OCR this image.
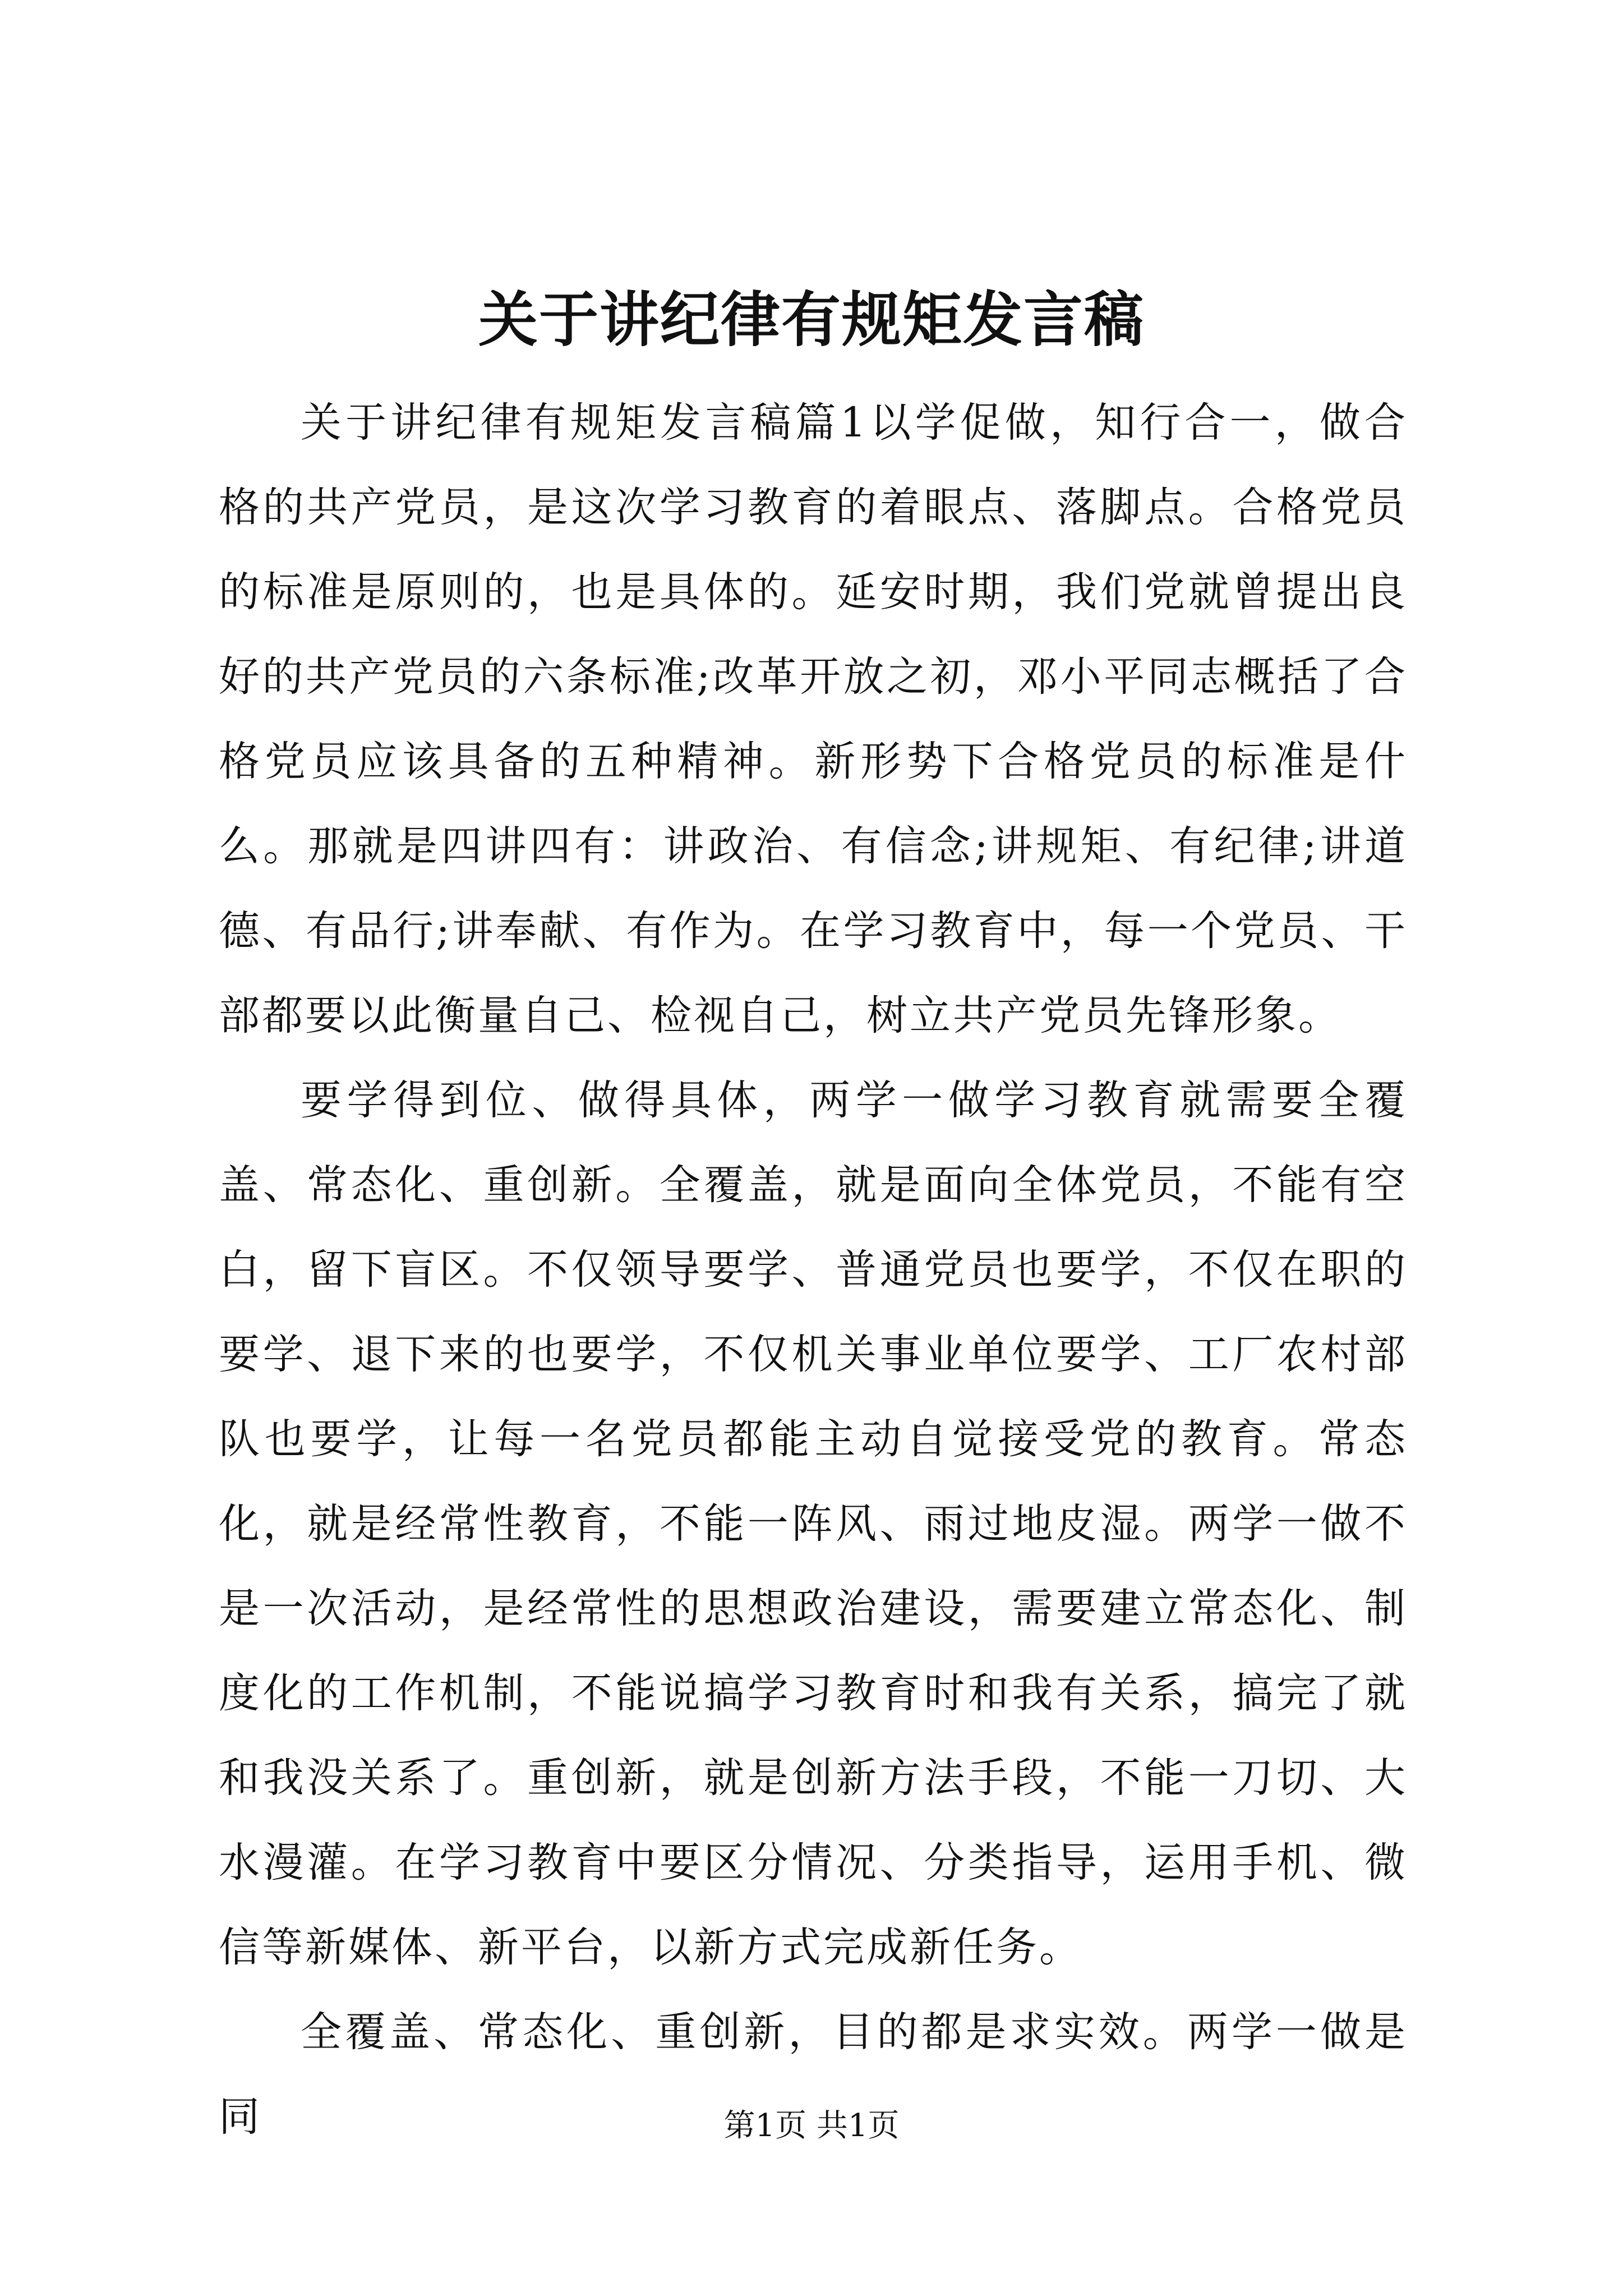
关于讲纪律有规矩发言稿

关于讲纪律有规矩发言稿篇1以学促做，知行合一，做合格的共产党员，是这次学习教育的着眼点、落脚点。合格党员的标准是原则的，也是具体的。延安时期，我们党就曾提出良好的共产党员的六条标准;改革开放之初，邓小平同志概括了合格党员应该具备的五种精神。新形势下合格党员的标准是什么。那就是四讲四有：讲政治、有信念;讲规矩、有纪律;讲道德、有品行;讲奉献、有作为。在学习教育中，每一个党员、干部都要以此衡量自己、检视自己，树立共产党员先锋形象。

要学得到位、做得具体，两学一做学习教育就需要全覆盖、常态化、重创新。全覆盖，就是面向全体党员，不能有空白，留下盲区。不仅领导要学、普通党员也要学，不仅在职的要学、退下来的也要学，不仅机关事业单位要学、工厂农村部队也要学，让每一名党员都能主动自觉接受党的教育。常态化，就是经常性教育，不能一阵风、雨过地皮湿。两学一做不是一次活动，是经常性的思想政治建设，需要建立常态化、制度化的工作机制，不能说搞学习教育时和我有关系，搞完了就和我没关系了。重创新，就是创新方法手段，不能一刀切、大水漫灌。在学习教育中要区分情况、分类指导，运用手机、微信等新媒体、新平台，以新方式完成新任务。

全覆盖、常态化、重创新，目的都是求实效。两学一做是同	第1页 共1页
